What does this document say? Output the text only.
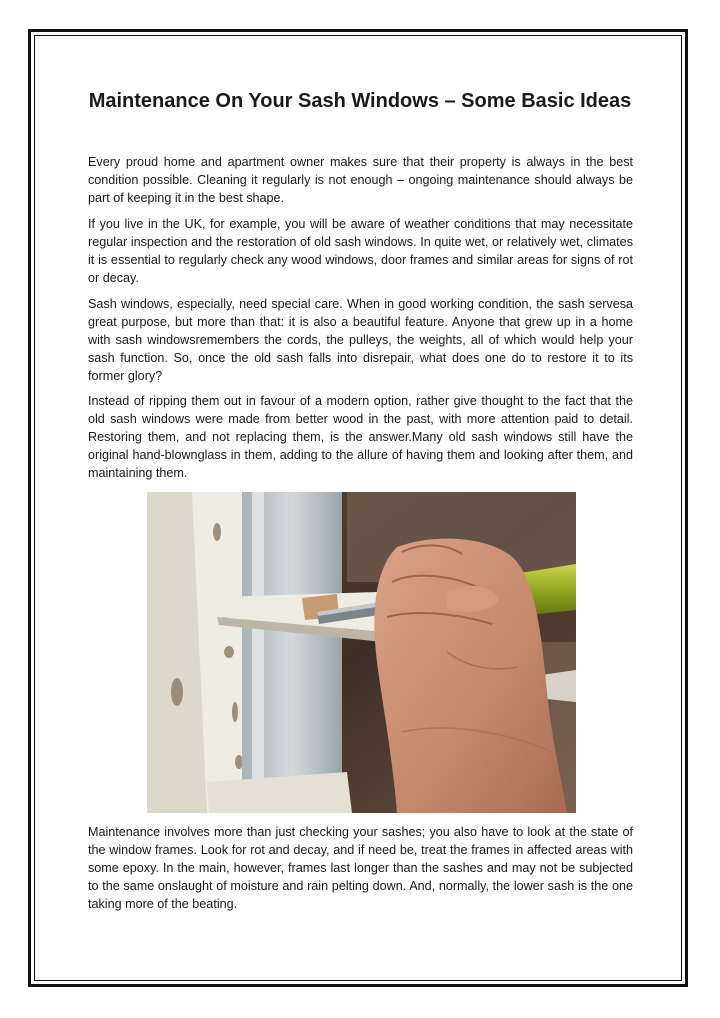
Maintenance On Your Sash Windows – Some Basic Ideas

Every proud home and apartment owner makes sure that their property is always in the best condition possible. Cleaning it regularly is not enough – ongoing maintenance should always be part of keeping it in the best shape.

If you live in the UK, for example, you will be aware of weather conditions that may necessitate regular inspection and the restoration of old sash windows. In quite wet, or relatively wet, climates it is essential to regularly check any wood windows, door frames and similar areas for signs of rot or decay.

Sash windows, especially, need special care. When in good working condition, the sash servesa great purpose, but more than that: it is also a beautiful feature. Anyone that grew up in a home with sash windowsremembers the cords, the pulleys, the weights, all of which would help your sash function. So, once the old sash falls into disrepair, what does one do to restore it to its former glory?

Instead of ripping them out in favour of a modern option, rather give thought to the fact that the old sash windows were made from better wood in the past, with more attention paid to detail. Restoring them, and not replacing them, is the answer.Many old sash windows still have the original hand-blownglass in them, adding to the allure of having them and looking after them, and maintaining them.

Maintenance involves more than just checking your sashes; you also have to look at the state of the window frames. Look for rot and decay, and if need be, treat the frames in affected areas with some epoxy. In the main, however, frames last longer than the sashes and may not be subjected to the same onslaught of moisture and rain pelting down. And, normally, the lower sash is the one taking more of the beating.
